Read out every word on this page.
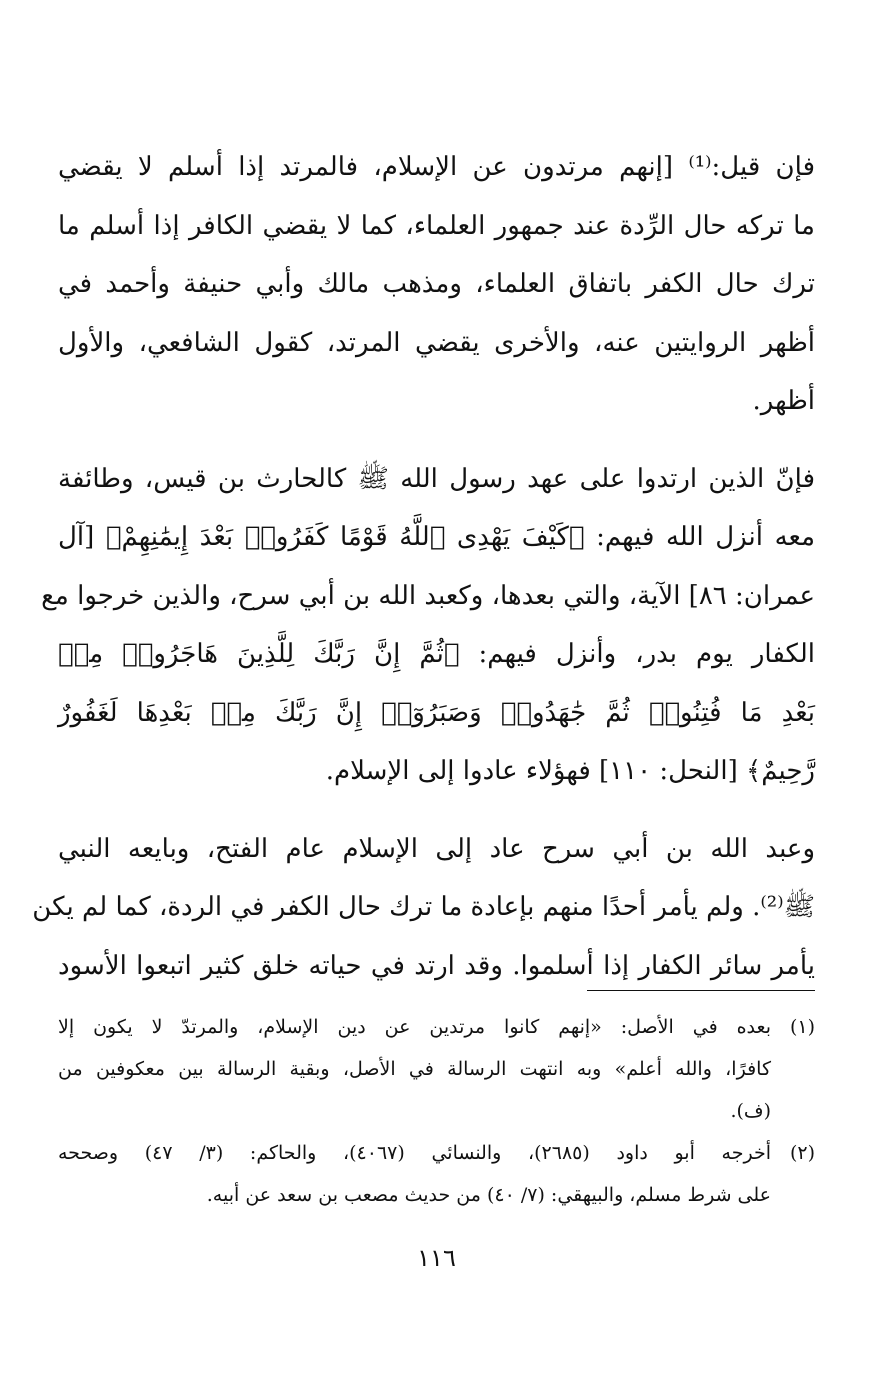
فإن قيل:⁽¹⁾ [إنهم مرتدون عن الإسلام، فالمرتد إذا أسلم لا يقضي
ما تركه حال الرِّدة عند جمهور العلماء، كما لا يقضي الكافر إذا أسلم ما
ترك حال الكفر باتفاق العلماء، ومذهب مالك وأبي حنيفة وأحمد في
أظهر الروايتين عنه، والأخرى يقضي المرتد، كقول الشافعي، والأول
أظهر.
فإنّ الذين ارتدوا على عهد رسول الله ﷺ كالحارث بن قيس، وطائفة
معه أنزل الله فيهم: ﴿كَيْفَ يَهْدِى ٱللَّهُ قَوْمًا كَفَرُوا۟ بَعْدَ إِيمَٰنِهِمْ﴾ [آل
عمران: ٨٦] الآية، والتي بعدها، وكعبد الله بن أبي سرح، والذين خرجوا مع
الكفار يوم بدر، وأنزل فيهم: ﴿ثُمَّ إِنَّ رَبَّكَ لِلَّذِينَ هَاجَرُوا۟ مِنۢ
بَعْدِ مَا فُتِنُوا۟ ثُمَّ جَٰهَدُوا۟ وَصَبَرُوٓا۟ إِنَّ رَبَّكَ مِنۢ بَعْدِهَا لَغَفُورٌ
رَّحِيمٌ﴾ [النحل: ١١٠] فهؤلاء عادوا إلى الإسلام.
وعبد الله بن أبي سرح عاد إلى الإسلام عام الفتح، وبايعه النبي
ﷺ⁽²⁾. ولم يأمر أحدًا منهم بإعادة ما ترك حال الكفر في الردة، كما لم يكن
يأمر سائر الكفار إذا أسلموا. وقد ارتد في حياته خلق كثير اتبعوا الأسود
(١)
بعده في الأصل: «إنهم كانوا مرتدين عن دين الإسلام، والمرتدّ لا يكون إلا
كافرًا، والله أعلم» وبه انتهت الرسالة في الأصل، وبقية الرسالة بين معكوفين من
(ف).
(٢)
أخرجه أبو داود (٢٦٨٥)، والنسائي (٤٠٦٧)، والحاكم: (٣/ ٤٧) وصححه
على شرط مسلم، والبيهقي: (٧/ ٤٠) من حديث مصعب بن سعد عن أبيه.
١١٦
